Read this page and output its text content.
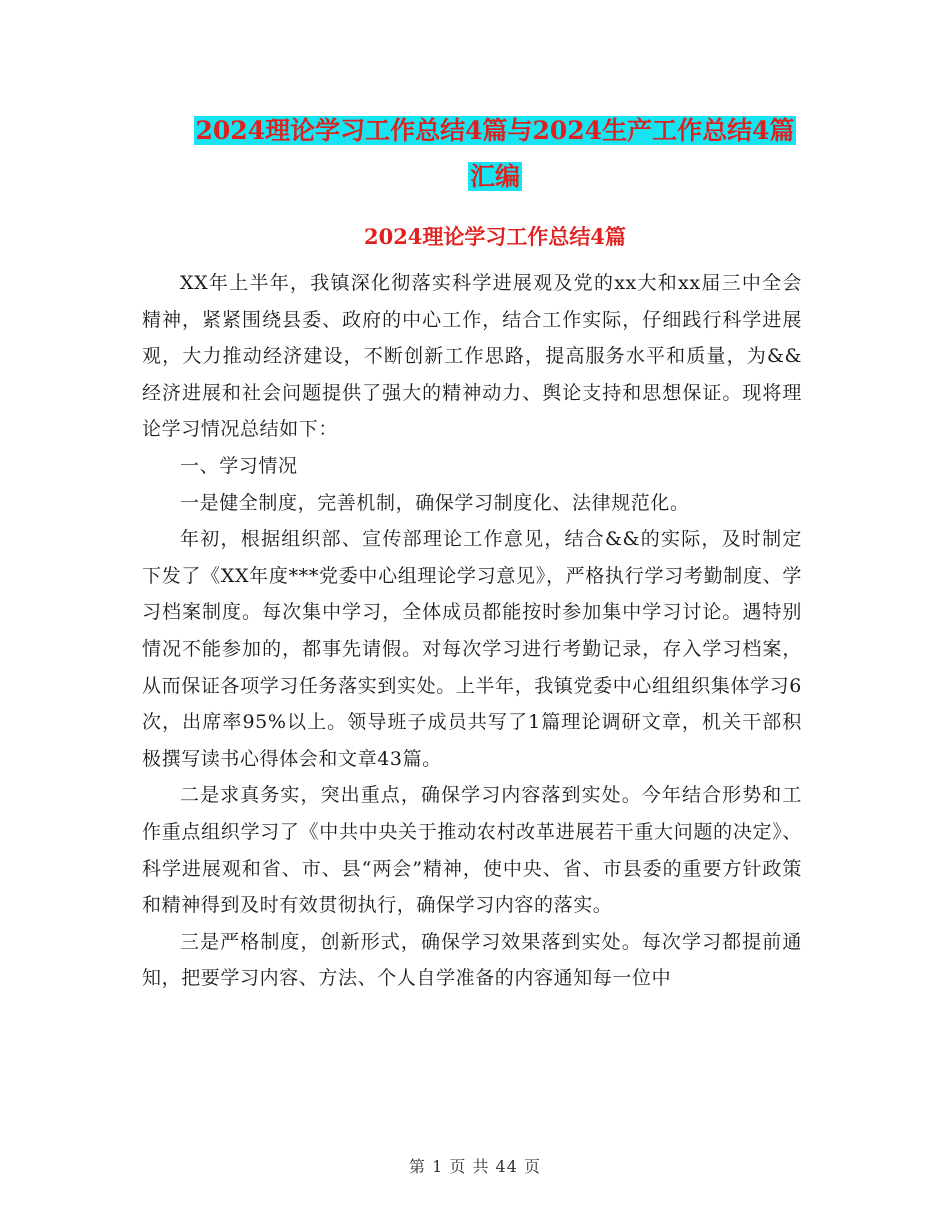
2024理论学习工作总结4篇与2024生产工作总结4篇
汇编
2024理论学习工作总结4篇

XX年上半年，我镇深化彻落实科学进展观及党的xx大和xx届三中全会精神，紧紧围绕县委、政府的中心工作，结合工作实际，仔细践行科学进展观，大力推动经济建设，不断创新工作思路，提高服务水平和质量，为&&经济进展和社会问题提供了强大的精神动力、舆论支持和思想保证。现将理论学习情况总结如下：

一、学习情况

一是健全制度，完善机制，确保学习制度化、法律规范化。

年初，根据组织部、宣传部理论工作意见，结合&&的实际，及时制定下发了《XX年度***党委中心组理论学习意见》，严格执行学习考勤制度、学习档案制度。每次集中学习，全体成员都能按时参加集中学习讨论。遇特别情况不能参加的，都事先请假。对每次学习进行考勤记录，存入学习档案，从而保证各项学习任务落实到实处。上半年，我镇党委中心组组织集体学习6次，出席率95%以上。领导班子成员共写了1篇理论调研文章，机关干部积极撰写读书心得体会和文章43篇。

二是求真务实，突出重点，确保学习内容落到实处。今年结合形势和工作重点组织学习了《中共中央关于推动农村改革进展若干重大问题的决定》、科学进展观和省、市、县“两会”精神，使中央、省、市县委的重要方针政策和精神得到及时有效贯彻执行，确保学习内容的落实。

三是严格制度，创新形式，确保学习效果落到实处。每次学习都提前通知，把要学习内容、方法、个人自学准备的内容通知每一位中

第 1 页 共 44 页
